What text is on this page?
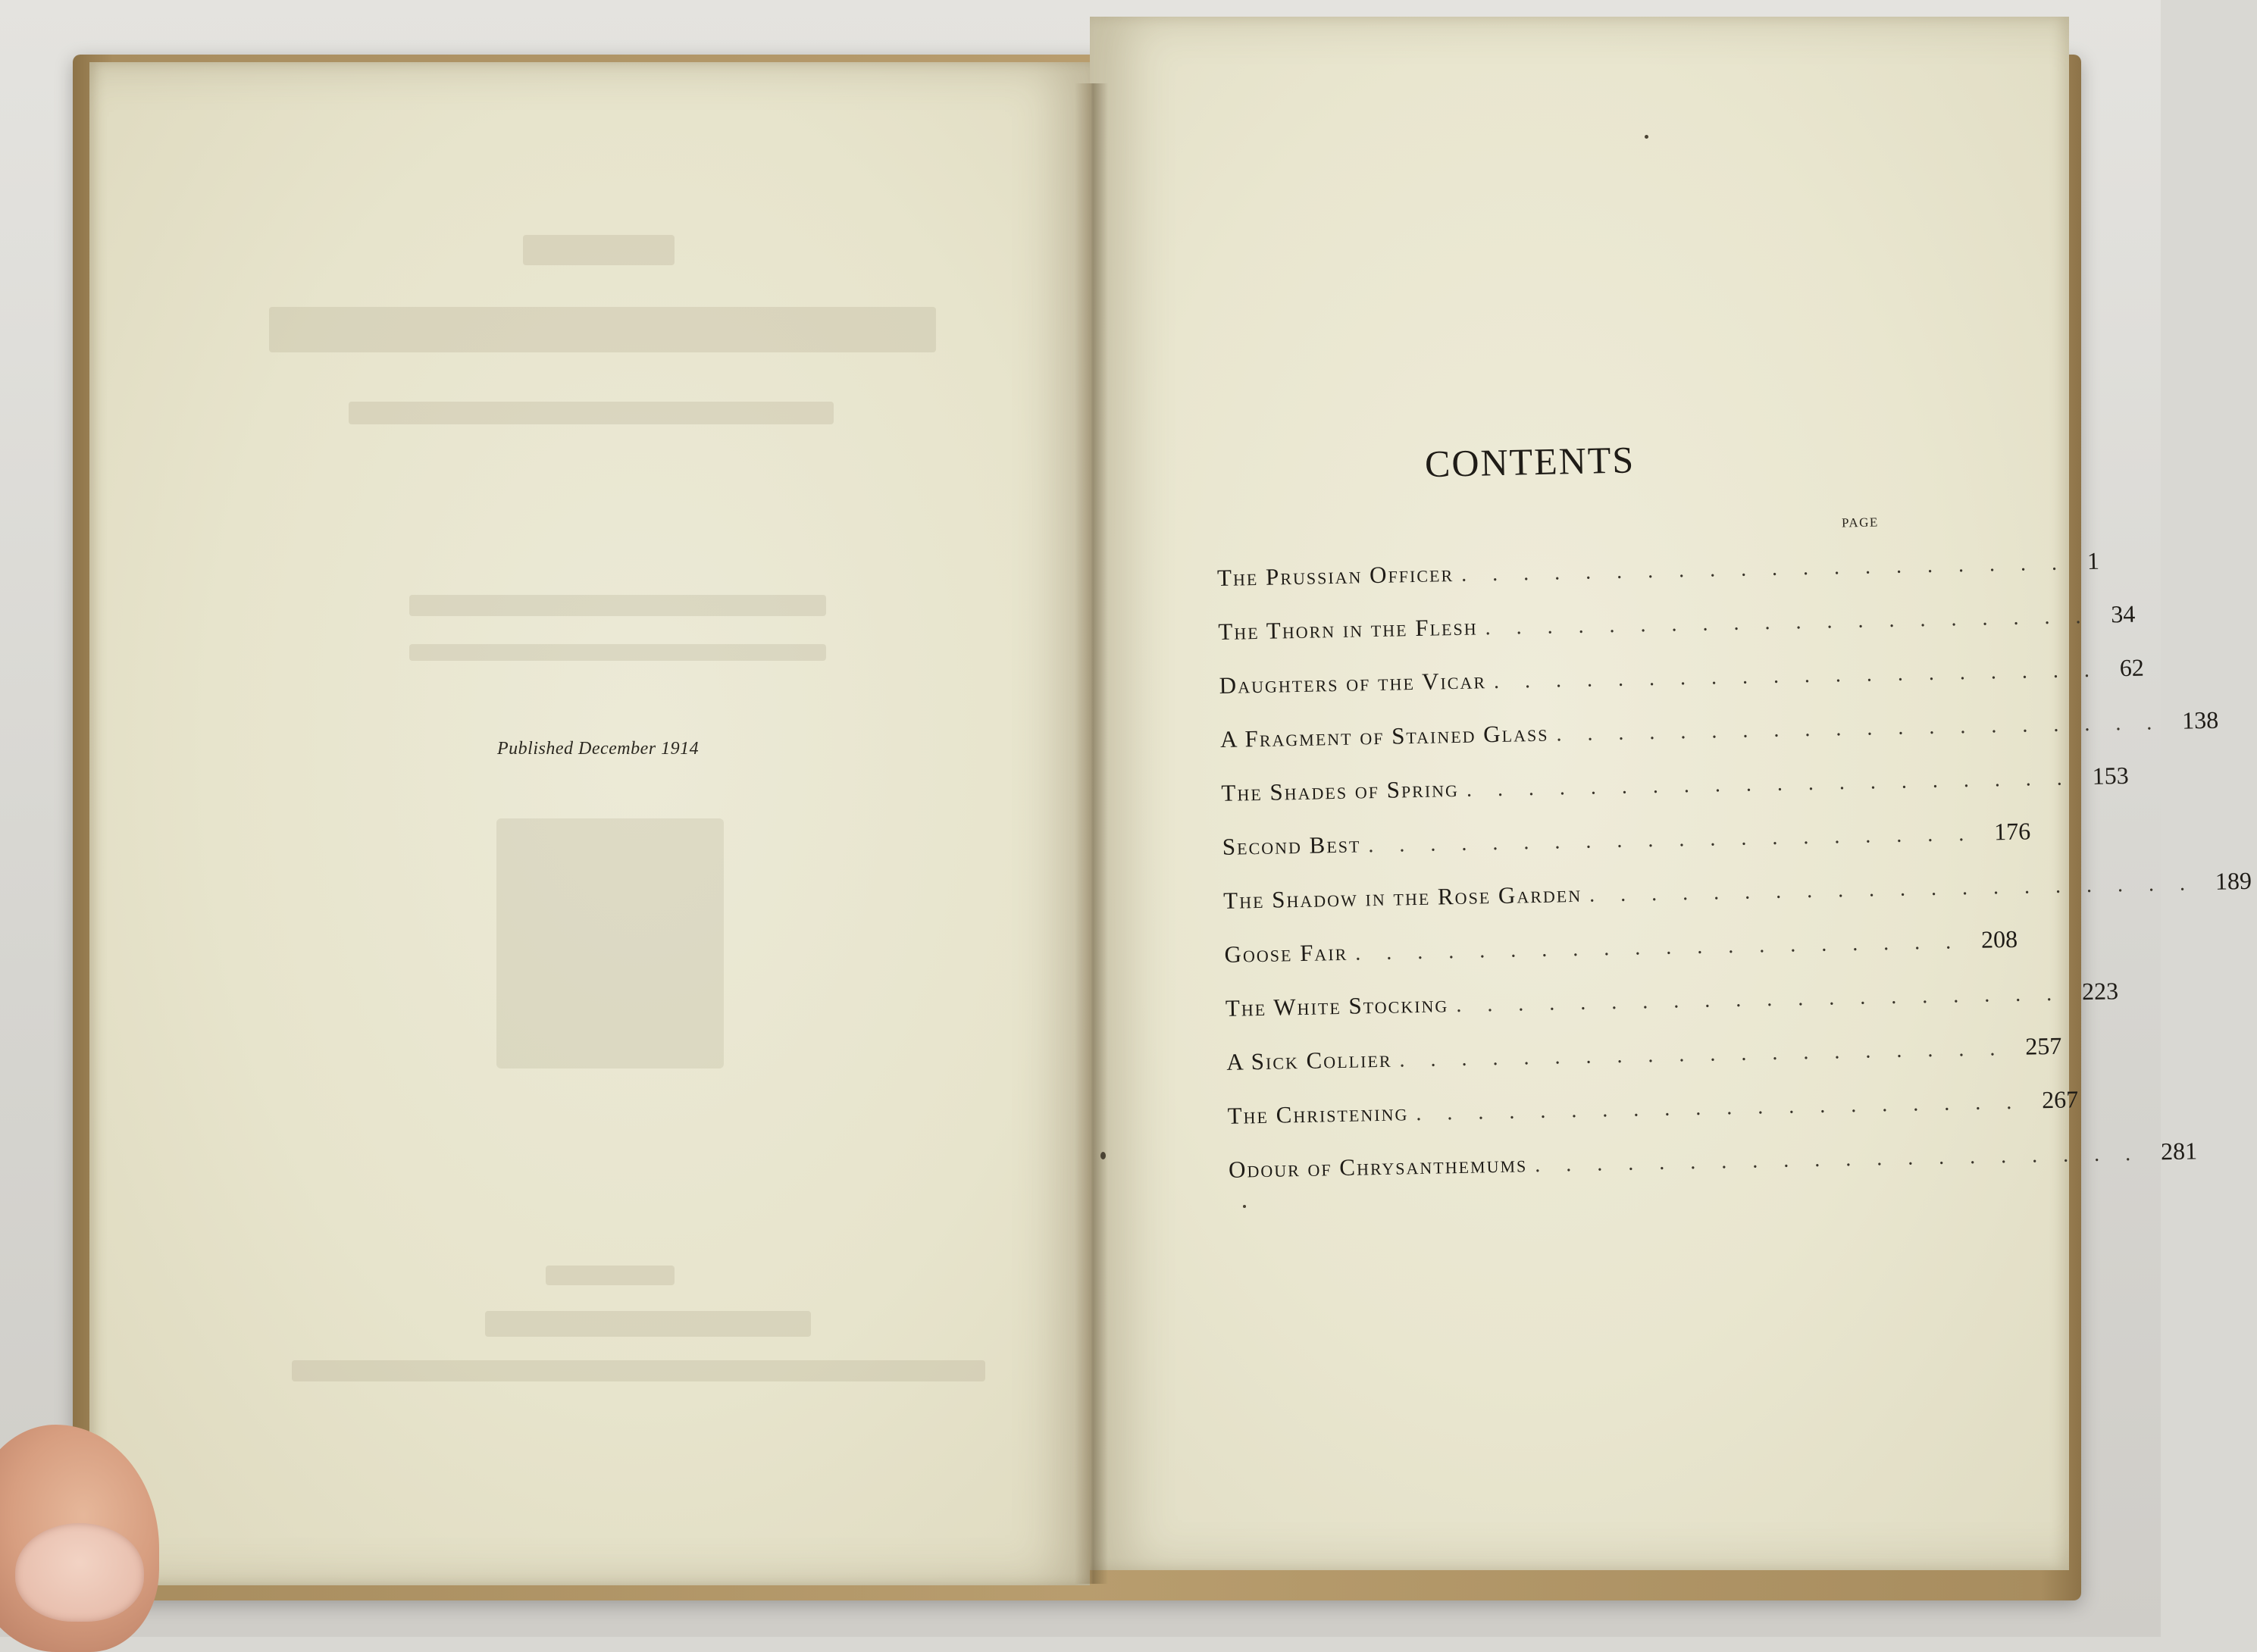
Published December 1914
CONTENTS
PAGE
The Prussian Officer .................... 1
The Thorn in the Flesh .................... 34
Daughters of the Vicar .................... 62
A Fragment of Stained Glass .................... 138
The Shades of Spring .................... 153
Second Best .................... 176
The Shadow in the Rose Garden .................... 189
Goose Fair .................... 208
The White Stocking .................... 223
A Sick Collier .................... 257
The Christening .................... 267
Odour of Chrysanthemums .................... 281
